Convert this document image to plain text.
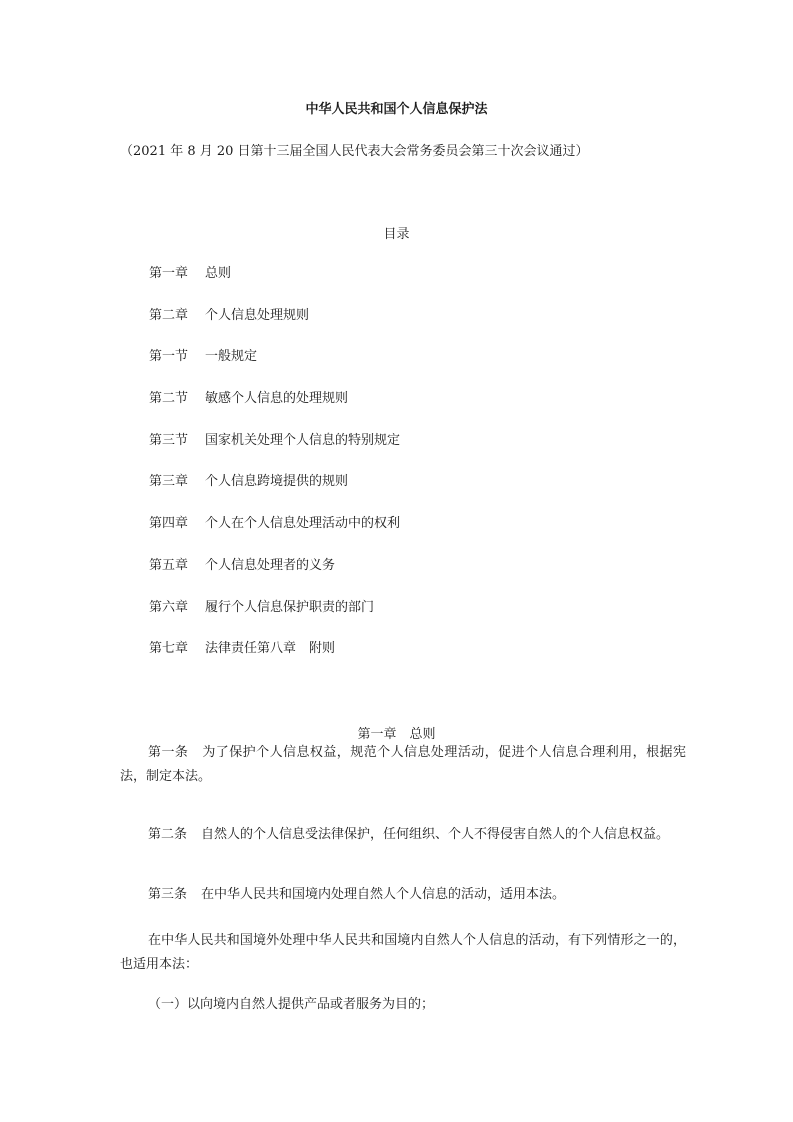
中华人民共和国个人信息保护法

（2021 年 8 月 20 日第十三届全国人民代表大会常务委员会第三十次会议通过）

目录

第一章 总则
第二章 个人信息处理规则
第一节 一般规定
第二节 敏感个人信息的处理规则
第三节 国家机关处理个人信息的特别规定
第三章 个人信息跨境提供的规则
第四章 个人在个人信息处理活动中的权利
第五章 个人信息处理者的义务
第六章 履行个人信息保护职责的部门
第七章 法律责任第八章　附则

第一章　总则

第一条 为了保护个人信息权益，规范个人信息处理活动，促进个人信息合理利用，根据宪法，制定本法。

第二条 自然人的个人信息受法律保护，任何组织、个人不得侵害自然人的个人信息权益。

第三条 在中华人民共和国境内处理自然人个人信息的活动，适用本法。

在中华人民共和国境外处理中华人民共和国境内自然人个人信息的活动，有下列情形之一的，也适用本法：

（一）以向境内自然人提供产品或者服务为目的；
